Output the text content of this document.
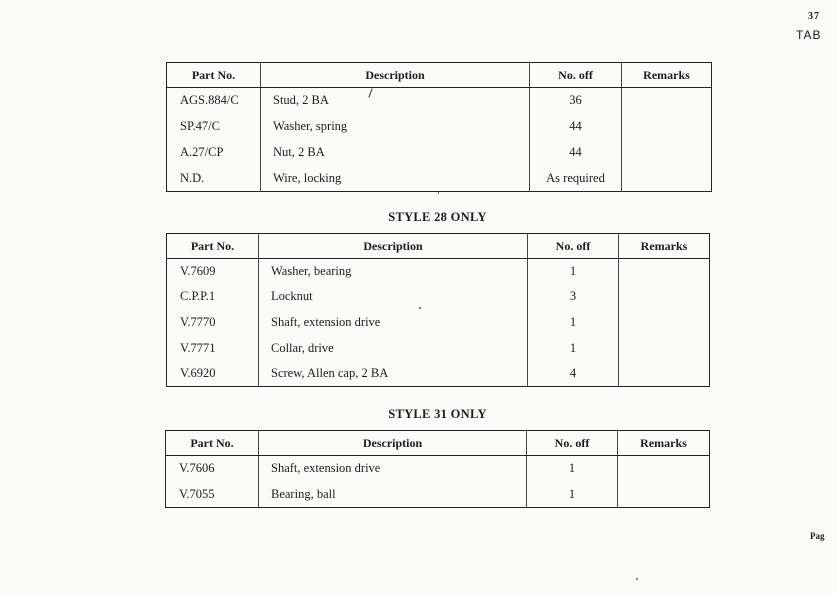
37
TAB
Pag
Part No.	Description	No. off	Remarks
AGS.884/C	Stud, 2 BA	36	
SP.47/C	Washer, spring	44	
A.27/CP	Nut, 2 BA	44	
N.D.	Wire, locking	As required	
STYLE 28 ONLY
Part No.	Description	No. off	Remarks
V.7609	Washer, bearing	1	
C.P.P.1	Locknut	3	
V.7770	Shaft, extension drive	1	
V.7771	Collar, drive	1	
V.6920	Screw, Allen cap, 2 BA	4	
STYLE 31 ONLY
Part No.	Description	No. off	Remarks
V.7606	Shaft, extension drive	1	
V.7055	Bearing, ball	1	
